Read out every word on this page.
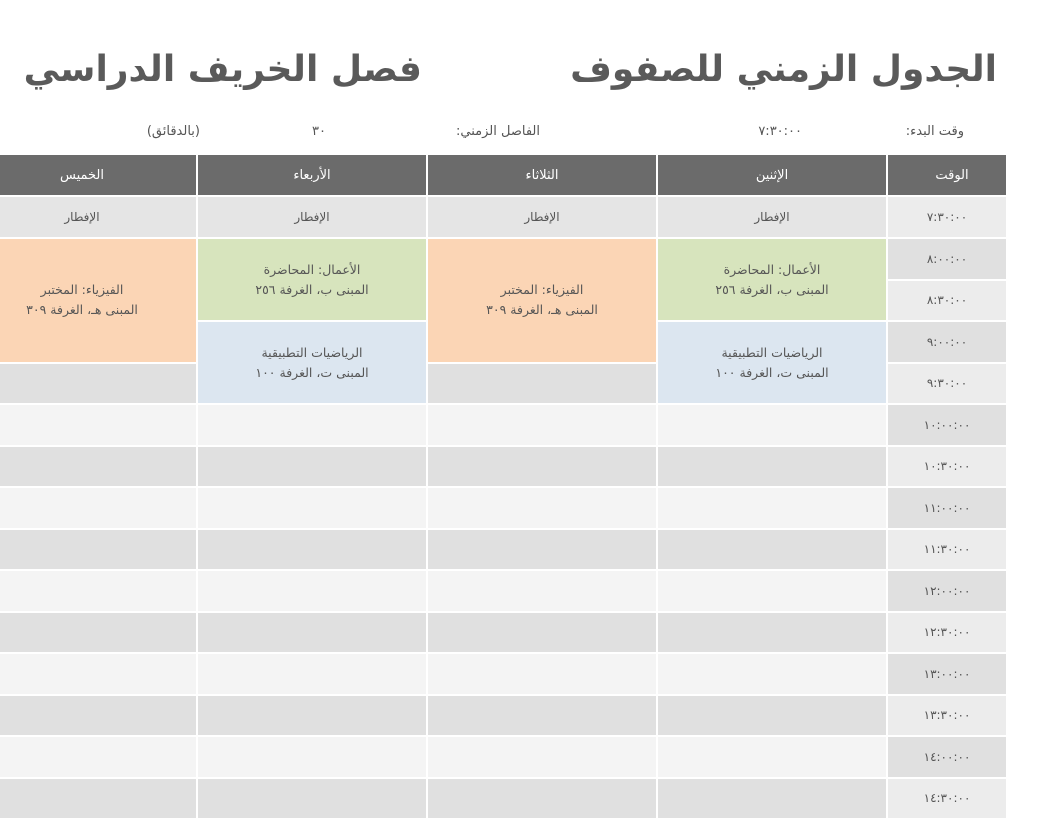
الجدول الزمني للصفوف
فصل الخريف الدراسي
وقت البدء:
٧:٣٠:٠٠
الفاصل الزمني:
٣٠
(بالدقائق)
الوقت
الإثنين
الثلاثاء
الأربعاء
الخميس
٧:٣٠:٠٠
٨:٠٠:٠٠
٨:٣٠:٠٠
٩:٠٠:٠٠
٩:٣٠:٠٠
١٠:٠٠:٠٠
١٠:٣٠:٠٠
١١:٠٠:٠٠
١١:٣٠:٠٠
١٢:٠٠:٠٠
١٢:٣٠:٠٠
١٣:٠٠:٠٠
١٣:٣٠:٠٠
١٤:٠٠:٠٠
١٤:٣٠:٠٠
الإفطار
الإفطار
الإفطار
الإفطار
الأعمال: المحاضرة
المبنى ب، الغرفة ٢٥٦
الرياضيات التطبيقية
المبنى ت، الغرفة ١٠٠
الفيزياء: المختبر
المبنى هـ، الغرفة ٣٠٩
الأعمال: المحاضرة
المبنى ب، الغرفة ٢٥٦
الرياضيات التطبيقية
المبنى ت، الغرفة ١٠٠
الفيزياء: المختبر
المبنى هـ، الغرفة ٣٠٩
